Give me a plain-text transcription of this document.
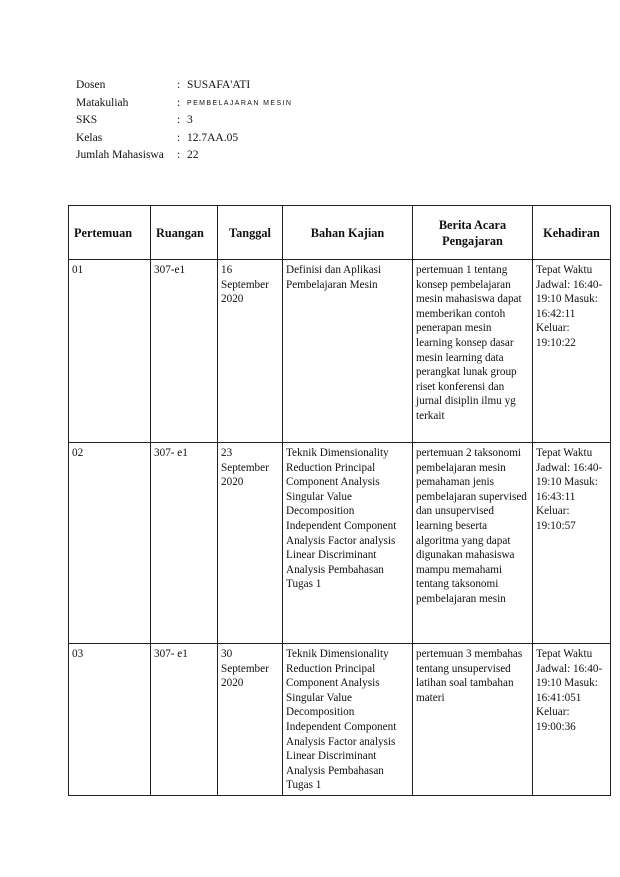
Dosen	: SUSAFA'ATI
Matakuliah	: PEMBELAJARAN MESIN
SKS	: 3
Kelas	: 12.7AA.05
Jumlah Mahasiswa	: 22
Pertemuan	Ruangan	Tanggal	Bahan Kajian	Berita Acara Pengajaran	Kehadiran
01	307-e1	16 September 2020	Definisi dan Aplikasi Pembelajaran Mesin	pertemuan 1 tentang konsep pembelajaran mesin mahasiswa dapat memberikan contoh penerapan mesin learning konsep dasar mesin learning data perangkat lunak group riset konferensi dan jurnal disiplin ilmu yg terkait	Tepat Waktu Jadwal: 16:40-19:10 Masuk: 16:42:11 Keluar: 19:10:22
02	307- e1	23 September 2020	Teknik Dimensionality Reduction Principal Component Analysis Singular Value Decomposition Independent Component Analysis Factor analysis Linear Discriminant Analysis Pembahasan Tugas 1	pertemuan 2 taksonomi pembelajaran mesin pemahaman jenis pembelajaran supervised dan unsupervised learning beserta algoritma yang dapat digunakan mahasiswa mampu memahami tentang taksonomi pembelajaran mesin	Tepat Waktu Jadwal: 16:40-19:10 Masuk: 16:43:11 Keluar: 19:10:57
03	307- e1	30 September 2020	Teknik Dimensionality Reduction Principal Component Analysis Singular Value Decomposition Independent Component Analysis Factor analysis Linear Discriminant Analysis Pembahasan Tugas 1	pertemuan 3 membahas tentang unsupervised latihan soal tambahan materi	Tepat Waktu Jadwal: 16:40-19:10 Masuk: 16:41:051 Keluar: 19:00:36
